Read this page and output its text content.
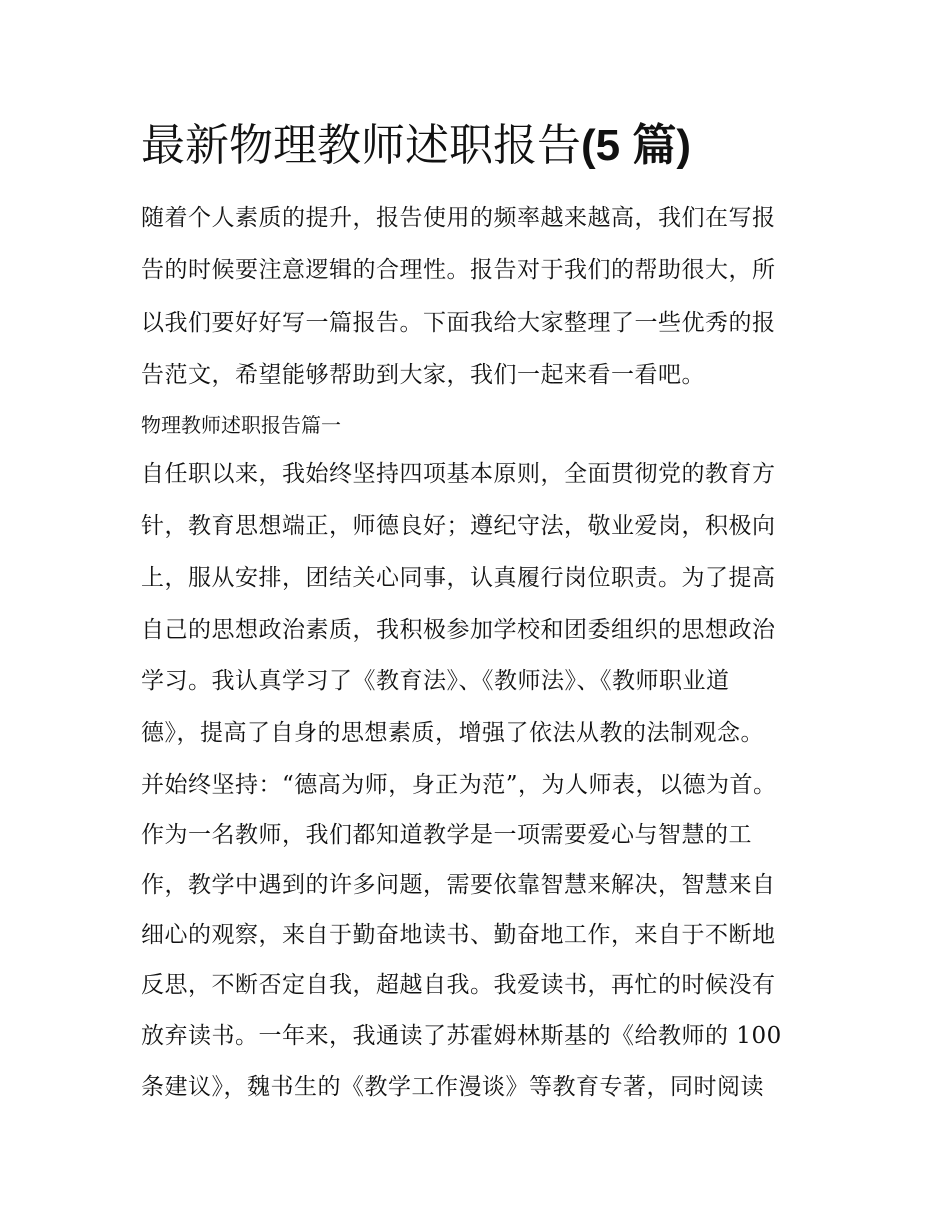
最新物理教师述职报告(5 篇)

随着个人素质的提升，报告使用的频率越来越高，我们在写报

告的时候要注意逻辑的合理性。报告对于我们的帮助很大，所

以我们要好好写一篇报告。下面我给大家整理了一些优秀的报

告范文，希望能够帮助到大家，我们一起来看一看吧。

物理教师述职报告篇一

自任职以来，我始终坚持四项基本原则，全面贯彻党的教育方

针，教育思想端正，师德良好；遵纪守法，敬业爱岗，积极向

上，服从安排，团结关心同事，认真履行岗位职责。为了提高

自己的思想政治素质，我积极参加学校和团委组织的思想政治

学习。我认真学习了《教育法》、《教师法》、《教师职业道

德》，提高了自身的思想素质，增强了依法从教的法制观念。

并始终坚持：“德高为师，身正为范”，为人师表，以德为首。

作为一名教师，我们都知道教学是一项需要爱心与智慧的工

作，教学中遇到的许多问题，需要依靠智慧来解决，智慧来自

细心的观察，来自于勤奋地读书、勤奋地工作，来自于不断地

反思，不断否定自我，超越自我。我爱读书，再忙的时候没有

放弃读书。一年来，我通读了苏霍姆林斯基的《给教师的 100

条建议》，魏书生的《教学工作漫谈》等教育专著，同时阅读
